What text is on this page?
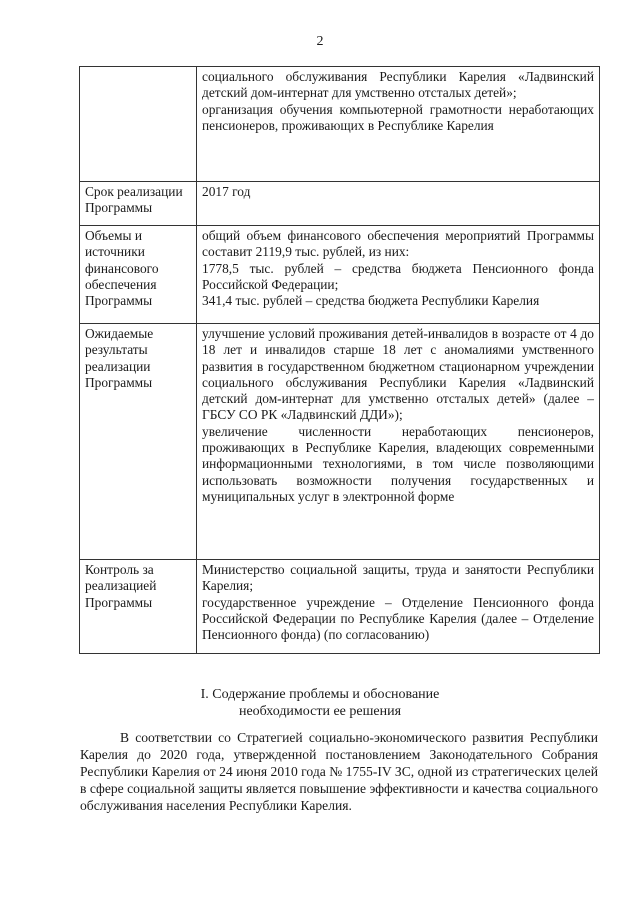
2

	социального обслуживания Республики Карелия «Ладвинский детский дом-интернат для умственно отсталых детей»;
организация обучения компьютерной грамотности неработающих пенсионеров, проживающих в Республике Карелия

Срок реализации Программы	2017 год

Объемы и источники финансового обеспечения Программы	общий объем финансового обеспечения мероприятий Программы составит 2119,9 тыс. рублей, из них:
1778,5 тыс. рублей – средства бюджета Пенсионного фонда Российской Федерации;
341,4 тыс. рублей – средства бюджета Республики Карелия

Ожидаемые результаты реализации Программы	улучшение условий проживания детей-инвалидов в возрасте от 4 до 18 лет и инвалидов старше 18 лет с аномалиями умственного развития в государственном бюджетном стационарном учреждении социального обслуживания Республики Карелия «Ладвинский детский дом-интернат для умственно отсталых детей» (далее – ГБСУ СО РК «Ладвинский ДДИ»);
увеличение численности неработающих пенсионеров, проживающих в Республике Карелия, владеющих современными информационными технологиями, в том числе позволяющими использовать возможности получения государственных и муниципальных услуг в электронной форме

Контроль за реализацией Программы	Министерство социальной защиты, труда и занятости Республики Карелия;
государственное учреждение – Отделение Пенсионного фонда Российской Федерации по Республике Карелия (далее – Отделение Пенсионного фонда) (по согласованию)
I. Содержание проблемы и обоснование
необходимости ее решения
В соответствии со Стратегией социально-экономического развития Республики Карелия до 2020 года, утвержденной постановлением Законодательного Собрания Республики Карелия от 24 июня 2010 года № 1755-IV ЗС, одной из стратегических целей в сфере социальной защиты является повышение эффективности и качества социального обслуживания населения Республики Карелия.
